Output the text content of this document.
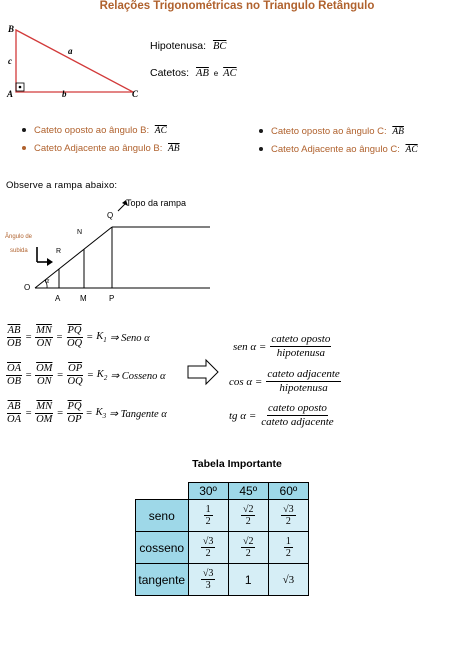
Relações Trigonométricas no Triangulo Retângulo
B
A	C
a
b
c
Hipotenusa: $\overline{BC}$
Catetos: $\overline{AB}$ e $\overline{AC}$
Cateto oposto ao ângulo B: $\overline{AC}$
Cateto Adjacente ao ângulo B: $\overline{AB}$
Cateto oposto ao ângulo C: $\overline{AB}$
Cateto Adjacente ao ângulo C: $\overline{AC}$
Observe a rampa abaixo:
Topo da rampa
Ângulo de
subida
Q
N
R
α
O
A M	P
$\frac{\overline{AB}}{OB} = \frac{\overline{MN}}{ON} = \frac{\overline{PQ}}{OQ} = K_1$ ⇒ Seno α
$\frac{\overline{OA}}{OB} = \frac{\overline{OM}}{ON} = \frac{\overline{OP}}{OQ} = K_2$ ⇒ Cosseno α
$\frac{\overline{AB}}{OA} = \frac{\overline{MN}}{OM} = \frac{\overline{PQ}}{OP} = K_3$ ⇒ Tangente α
sen $\alpha = \frac{\text{cateto oposto}}{\text{hipotenusa}}$
$\cos \alpha = \frac{\text{cateto adjacente}}{\text{hipotenusa}}$
tg $\alpha = \frac{\text{cateto oposto}}{\text{cateto adjacente}}$
Tabela Importante
	30º	45º	60º
seno	$\frac{1}{2}$	$\frac{√2}{2}$	$\frac{√3}{2}$

cosseno	$\frac{√3}{2}$	$\frac{√2}{2}$	$\frac{1}{2}$

tangente	$\frac{√3}{3}$	1	√3
